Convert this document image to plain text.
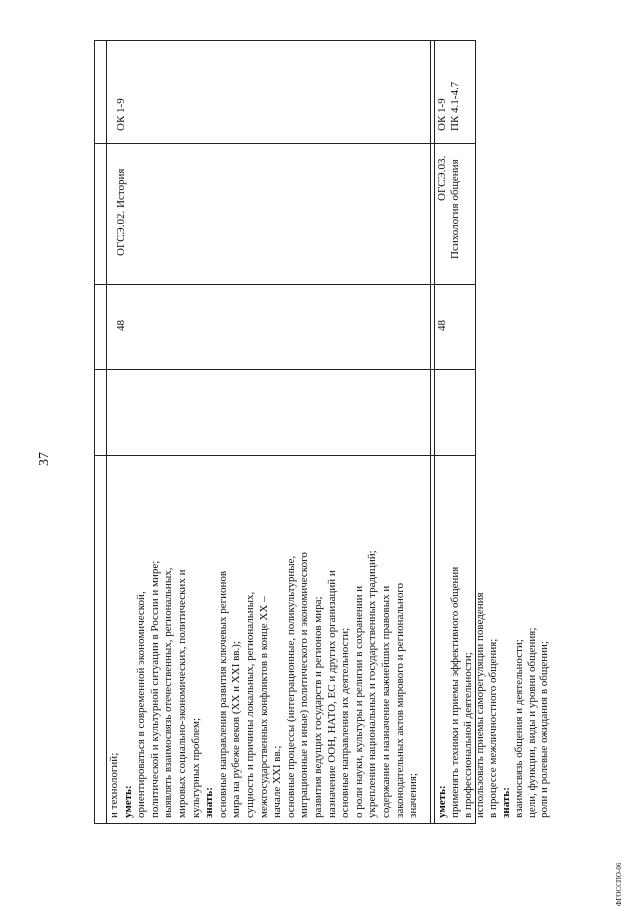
37
ФГОССПО-06
и технологий; уметь: ориентироваться в современной экономической, политической и культурной ситуации в России и мире; выявлять взаимосвязь отечественных, региональных, мировых социально-экономических, политических и культурных проблем; знать: основные направления развития ключевых регионов мира на рубеже веков (XX и XXI вв.); сущность и причины локальных, региональных, межгосударственных конфликтов в конце XX – начале XXI вв.; основные процессы (интеграционные, поликультурные, миграционные и иные) политического и экономического развития ведущих государств и регионов мира; назначение ООН, НАТО, ЕС и других организаций и основные направления их деятельности; о роли науки, культуры и религии в сохранении и укреплении национальных и государственных традиций; содержание и назначение важнейших правовых и законодательных актов мирового и регионального значения; уметь: применять техники и приемы эффективного общения в профессиональной деятельности; использовать приемы саморегуляции поведения в процессе межличностного общения; знать: взаимосвязь общения и деятельности; цели, функции, виды и уровни общения; роли и ролевые ожидания в общении;
48
ОГСЭ.02. История
ОК 1-9
48
ОГСЭ.03. Психология общения
ОК 1-9 ПК 4.1-4.7
